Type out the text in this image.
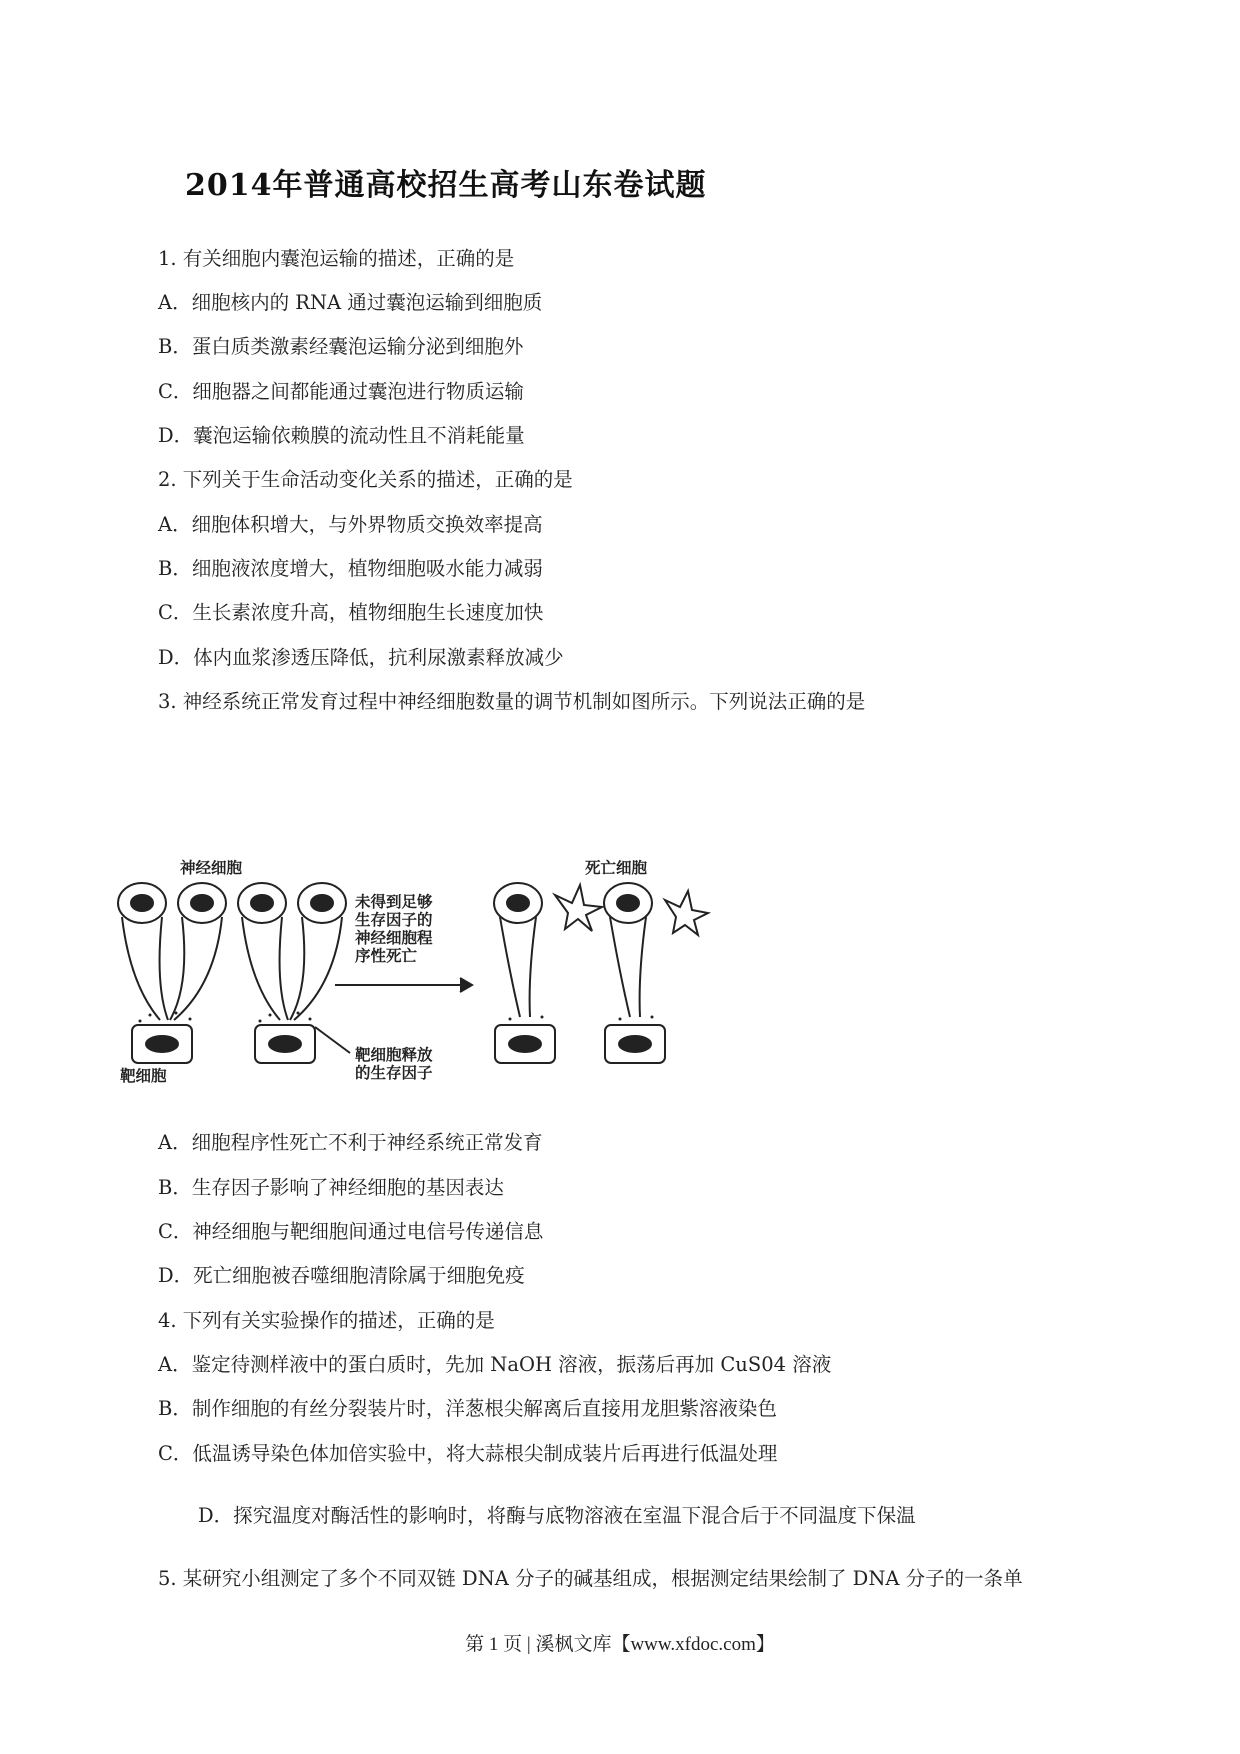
2014年普通高校招生高考山东卷试题
1. 有关细胞内囊泡运输的描述，正确的是
A．细胞核内的 RNA 通过囊泡运输到细胞质
B．蛋白质类激素经囊泡运输分泌到细胞外
C．细胞器之间都能通过囊泡进行物质运输
D．囊泡运输依赖膜的流动性且不消耗能量
2. 下列关于生命活动变化关系的描述，正确的是
A．细胞体积增大，与外界物质交换效率提高
B．细胞液浓度增大，植物细胞吸水能力减弱
C．生长素浓度升高，植物细胞生长速度加快
D．体内血浆渗透压降低，抗利尿激素释放减少
3. 神经系统正常发育过程中神经细胞数量的调节机制如图所示。下列说法正确的是
神经细胞	死亡细胞
靶细胞
未得到足够
生存因子的
神经细胞程
序性死亡
靶细胞释放
的生存因子
A．细胞程序性死亡不利于神经系统正常发育
B．生存因子影响了神经细胞的基因表达
C．神经细胞与靶细胞间通过电信号传递信息
D．死亡细胞被吞噬细胞清除属于细胞免疫
4. 下列有关实验操作的描述，正确的是
A．鉴定待测样液中的蛋白质时，先加 NaOH 溶液，振荡后再加 CuS04 溶液
B．制作细胞的有丝分裂装片时，洋葱根尖解离后直接用龙胆紫溶液染色
C．低温诱导染色体加倍实验中，将大蒜根尖制成装片后再进行低温处理
D．探究温度对酶活性的影响时，将酶与底物溶液在室温下混合后于不同温度下保温
5. 某研究小组测定了多个不同双链 DNA 分子的碱基组成，根据测定结果绘制了 DNA 分子的一条单
第 1 页 | 溪枫文库【www.xfdoc.com】
